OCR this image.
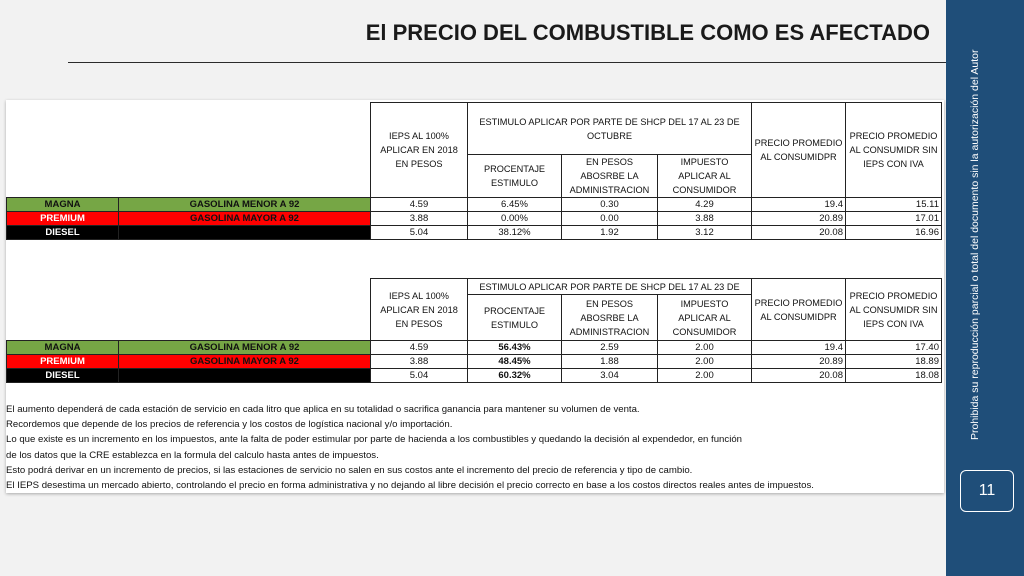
El PRECIO DEL COMBUSTIBLE COMO ES AFECTADO
Prohibida su reproducción parcial o total del documento sin la autorización del Autor
11
		IEPS AL 100% APLICAR EN 2018 EN PESOS	ESTIMULO APLICAR POR PARTE DE SHCP DEL 17 AL 23 DE OCTUBRE			PRECIO PROMEDIO AL CONSUMIDPR	PRECIO PROMEDIO AL CONSUMIDR SIN IEPS CON IVA
			PROCENTAJE ESTIMULO	EN PESOS ABOSRBE LA ADMINISTRACION	IMPUESTO APLICAR AL CONSUMIDOR		
MAGNA	GASOLINA MENOR A 92	4.59	6.45%	0.30	4.29	19.4	15.11
PREMIUM	GASOLINA MAYOR A 92	3.88	0.00%	0.00	3.88	20.89	17.01
DIESEL		5.04	38.12%	1.92	3.12	20.08	16.96
		IEPS AL 100% APLICAR EN 2018 EN PESOS	ESTIMULO APLICAR POR PARTE DE SHCP DEL 17 AL 23 DE			PRECIO PROMEDIO AL CONSUMIDPR	PRECIO PROMEDIO AL CONSUMIDR SIN IEPS CON IVA
			PROCENTAJE ESTIMULO	EN PESOS ABOSRBE LA ADMINISTRACION	IMPUESTO APLICAR AL CONSUMIDOR		
MAGNA	GASOLINA MENOR A 92	4.59	56.43%	2.59	2.00	19.4	17.40
PREMIUM	GASOLINA MAYOR A 92	3.88	48.45%	1.88	2.00	20.89	18.89
DIESEL		5.04	60.32%	3.04	2.00	20.08	18.08
El aumento dependerá de cada estación de servicio en cada litro que aplica en su totalidad o sacrifica ganancia para mantener su volumen de venta.
Recordemos que depende de los precios de referencia y los costos de logística nacional y/o importación.
Lo que existe es un incremento en los impuestos, ante la falta de poder estimular por parte de hacienda a los combustibles y quedando la decisión al expendedor, en función
de los datos que la CRE establezca en la formula del calculo hasta antes de impuestos.
Esto podrá derivar en un incremento de precios, si las estaciones de servicio no salen en sus costos ante el incremento del precio de referencia y tipo de cambio.
El IEPS desestima un mercado abierto, controlando el precio en forma administrativa y no dejando al libre decisión el precio correcto en base a los costos directos reales antes de impuestos.
